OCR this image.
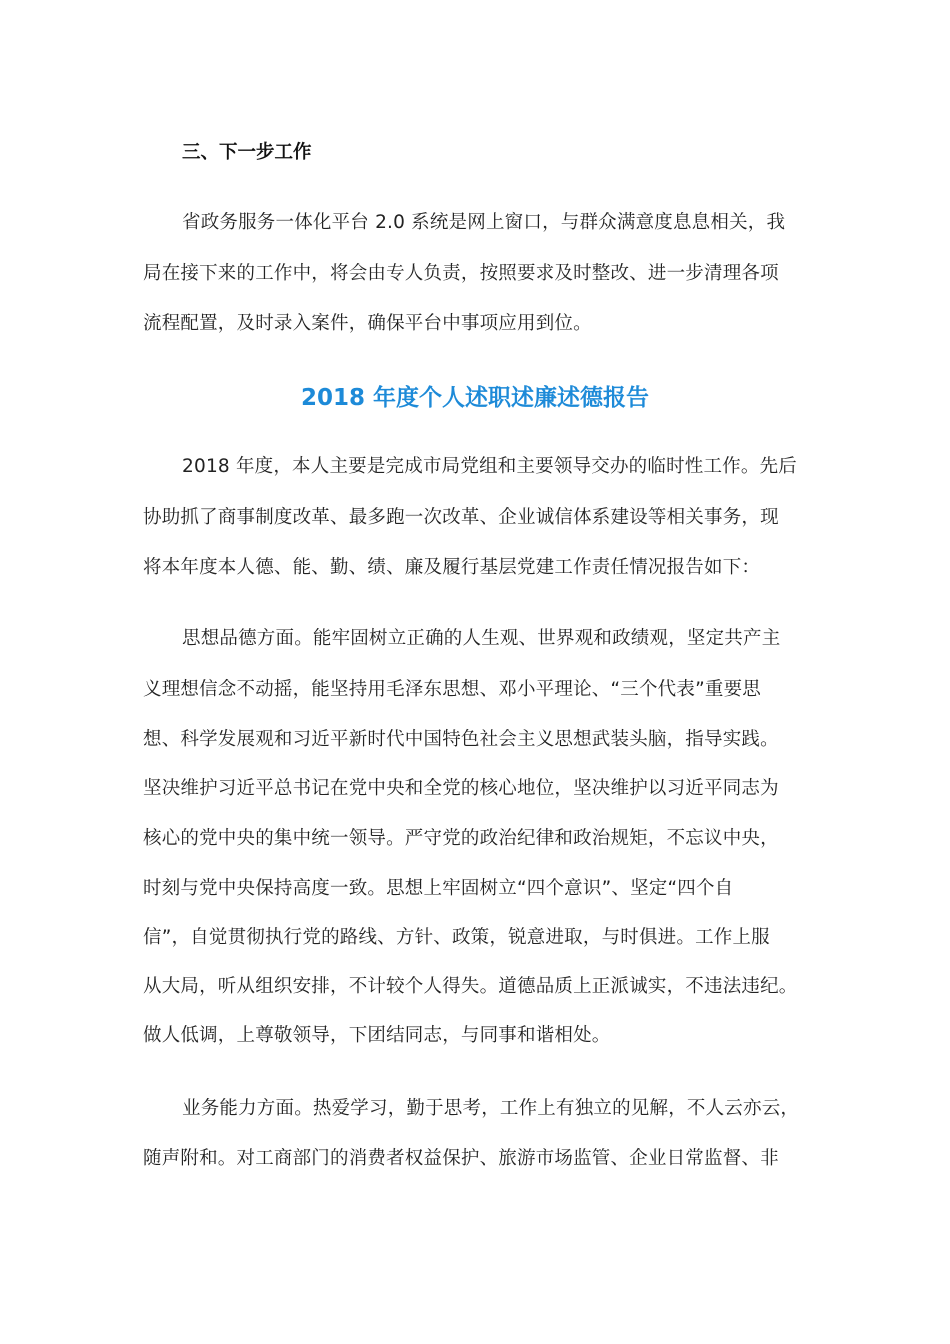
三、下一步工作
省政务服务一体化平台 2.0 系统是网上窗口，与群众满意度息息相关，我
局在接下来的工作中，将会由专人负责，按照要求及时整改、进一步清理各项
流程配置，及时录入案件，确保平台中事项应用到位。
2018 年度个人述职述廉述德报告
2018 年度，本人主要是完成市局党组和主要领导交办的临时性工作。先后
协助抓了商事制度改革、最多跑一次改革、企业诚信体系建设等相关事务，现
将本年度本人德、能、勤、绩、廉及履行基层党建工作责任情况报告如下：
思想品德方面。能牢固树立正确的人生观、世界观和政绩观，坚定共产主
义理想信念不动摇，能坚持用毛泽东思想、邓小平理论、“三个代表”重要思
想、科学发展观和习近平新时代中国特色社会主义思想武装头脑，指导实践。
坚决维护习近平总书记在党中央和全党的核心地位，坚决维护以习近平同志为
核心的党中央的集中统一领导。严守党的政治纪律和政治规矩，不忘议中央，
时刻与党中央保持高度一致。思想上牢固树立“四个意识”、坚定“四个自
信”，自觉贯彻执行党的路线、方针、政策，锐意进取，与时俱进。工作上服
从大局，听从组织安排，不计较个人得失。道德品质上正派诚实，不违法违纪。
做人低调，上尊敬领导，下团结同志，与同事和谐相处。
业务能力方面。热爱学习，勤于思考，工作上有独立的见解，不人云亦云，
随声附和。对工商部门的消费者权益保护、旅游市场监管、企业日常监督、非
